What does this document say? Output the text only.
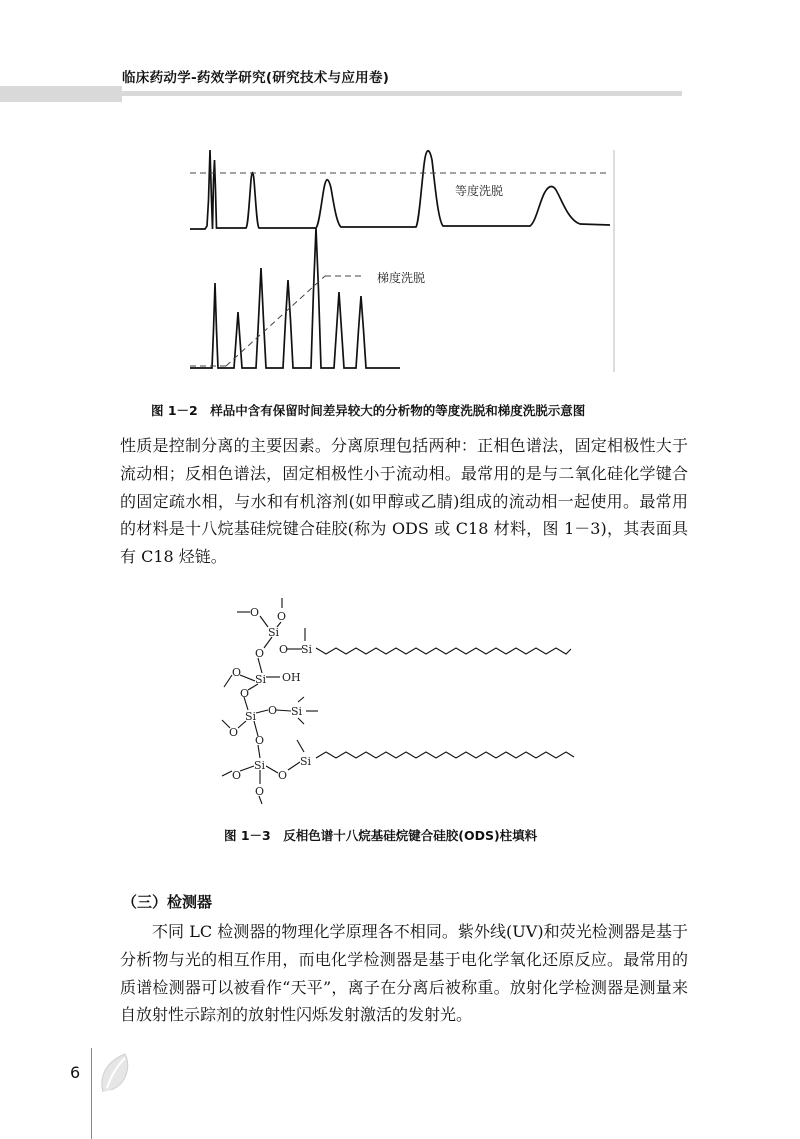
临床药动学-药效学研究(研究技术与应用卷)
等度洗脱
梯度洗脱
图 1－2　样品中含有保留时间差异较大的分析物的等度洗脱和梯度洗脱示意图

性质是控制分离的主要因素。分离原理包括两种：正相色谱法，固定相极性大于流动相；反相色谱法，固定相极性小于流动相。最常用的是与二氧化硅化学键合的固定疏水相，与水和有机溶剂(如甲醇或乙腈)组成的流动相一起使用。最常用的材料是十八烷基硅烷键合硅胶(称为 ODS 或 C18 材料，图 1－3)，其表面具有 C18 烃链。

O O
Si
O O Si
O
Si OH
O
Si O Si
O
O
Si	Si
O	O
O
图 1－3　反相色谱十八烷基硅烷键合硅胶(ODS)柱填料
（三）检测器

不同 LC 检测器的物理化学原理各不相同。紫外线(UV)和荧光检测器是基于分析物与光的相互作用，而电化学检测器是基于电化学氧化还原反应。最常用的质谱检测器可以被看作“天平”，离子在分离后被称重。放射化学检测器是测量来自放射性示踪剂的放射性闪烁发射激活的发射光。

6
